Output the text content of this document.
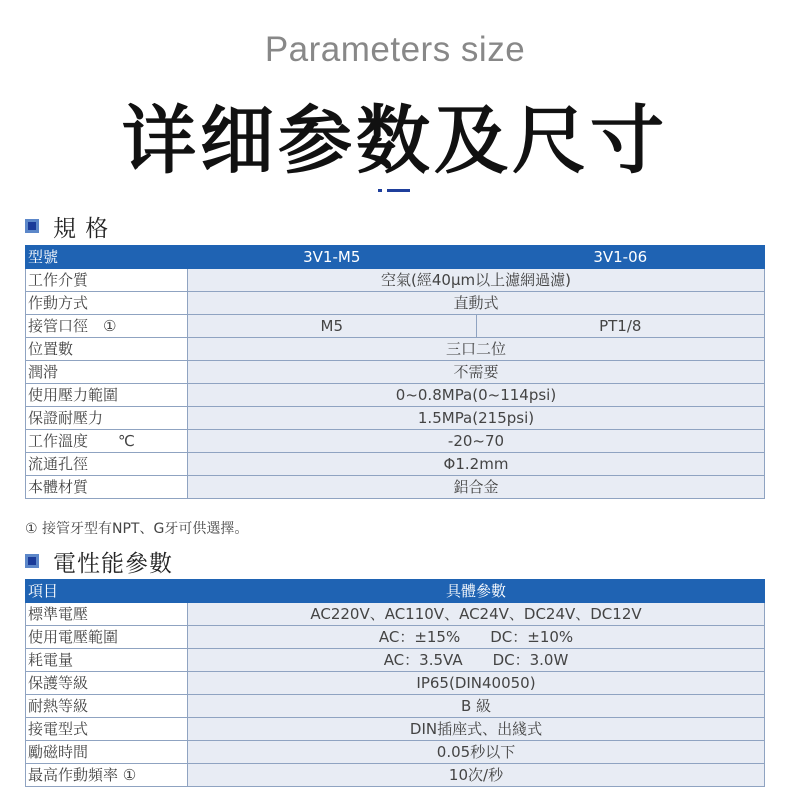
Parameters size
详细参数及尺寸
規 格
型號	3V1-M5	3V1-06
工作介質	空氣(經40μm以上濾網過濾)	
作動方式	直動式	
接管口徑　①	M5	PT1/8
位置數	三口二位	
潤滑	不需要	
使用壓力範圍	0~0.8MPa(0~114psi)	
保證耐壓力	1.5MPa(215psi)	
工作溫度　　℃	-20~70	
流通孔徑	Φ1.2mm	
本體材質	鋁合金	
① 接管牙型有NPT、G牙可供選擇。
電性能參數
項目	具體參數
標準電壓	AC220V、AC110V、AC24V、DC24V、DC12V
使用電壓範圍	AC：±15%　　DC：±10%
耗電量	AC：3.5VA　　DC：3.0W
保護等級	IP65(DIN40050)
耐熱等級	B 級
接電型式	DIN插座式、出綫式
勵磁時間	0.05秒以下
最高作動頻率 ①	10次/秒
